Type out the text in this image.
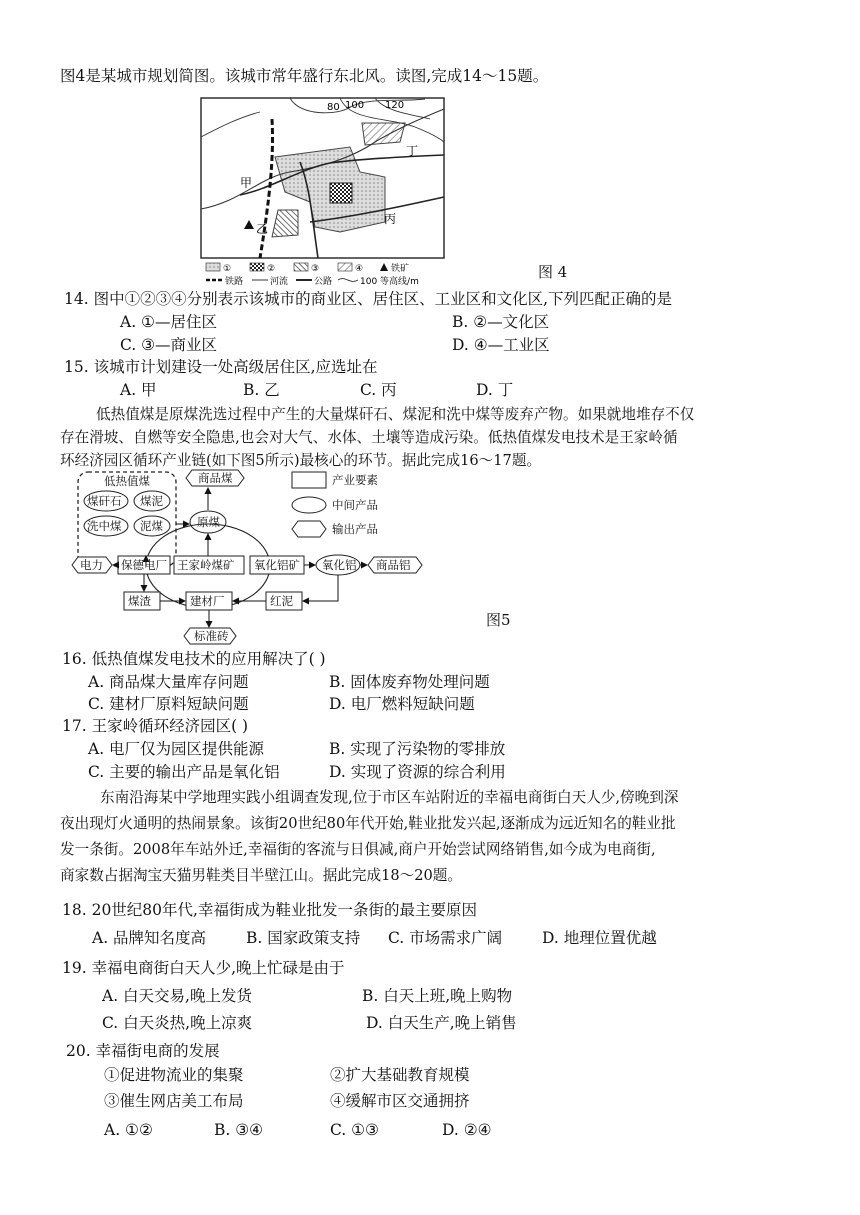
图4是某城市规划简图。该城市常年盛行东北风。读图,完成14～15题。
80 100 120
甲
乙
丙
丁
①	②	③	④	铁矿
铁路	河流	公路	100 等高线/m
图 4
14. 图中①②③④分别表示该城市的商业区、居住区、工业区和文化区,下列匹配正确的是
A. ①—居住区	B. ②—文化区
C. ③—商业区	D. ④—工业区
15. 该城市计划建设一处高级居住区,应选址在
A. 甲	B. 乙	C. 丙	D. 丁
低热值煤是原煤洗选过程中产生的大量煤矸石、煤泥和洗中煤等废弃产物。如果就地堆存不仅
存在滑坡、自燃等安全隐患,也会对大气、水体、土壤等造成污染。低热值煤发电技术是王家岭循
环经济园区循环产业链(如下图5所示)最核心的环节。据此完成16～17题。
低热值煤
煤矸石 煤泥
洗中煤 泥煤
商品煤
原煤
电力 保德电厂 王家岭煤矿 氧化铝矿 氧化铝 商品铝
煤渣	建材厂	红泥
标准砖
产业要素
中间产品
输出产品
图5
16. 低热值煤发电技术的应用解决了( )
A. 商品煤大量库存问题	B. 固体废弃物处理问题
C. 建材厂原料短缺问题	D. 电厂燃料短缺问题
17. 王家岭循环经济园区( )
A. 电厂仅为园区提供能源	B. 实现了污染物的零排放
C. 主要的输出产品是氧化铝	D. 实现了资源的综合利用
东南沿海某中学地理实践小组调查发现,位于市区车站附近的幸福电商街白天人少,傍晚到深
夜出现灯火通明的热闹景象。该街20世纪80年代开始,鞋业批发兴起,逐渐成为远近知名的鞋业批
发一条街。2008年车站外迁,幸福街的客流与日俱减,商户开始尝试网络销售,如今成为电商街,
商家数占据淘宝天猫男鞋类目半壁江山。据此完成18～20题。
18. 20世纪80年代,幸福街成为鞋业批发一条街的最主要原因
A. 品牌知名度高	B. 国家政策支持 C. 市场需求广阔	D. 地理位置优越
19. 幸福电商街白天人少,晚上忙碌是由于
A. 白天交易,晚上发货	B. 白天上班,晚上购物
C. 白天炎热,晚上凉爽	D. 白天生产,晚上销售
20. 幸福街电商的发展
①促进物流业的集聚	②扩大基础教育规模
③催生网店美工布局	④缓解市区交通拥挤
A. ①②	B. ③④	C. ①③	D. ②④
